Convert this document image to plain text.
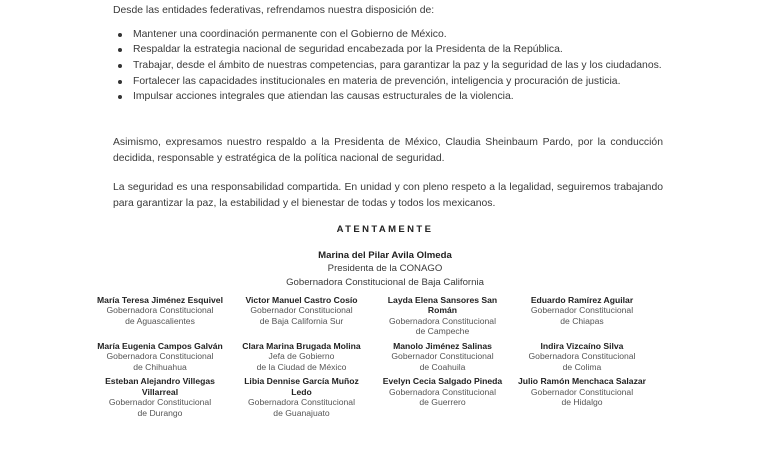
Desde las entidades federativas, refrendamos nuestra disposición de:
Mantener una coordinación permanente con el Gobierno de México.
Respaldar la estrategia nacional de seguridad encabezada por la Presidenta de la República.
Trabajar, desde el ámbito de nuestras competencias, para garantizar la paz y la seguridad de las y los ciudadanos.
Fortalecer las capacidades institucionales en materia de prevención, inteligencia y procuración de justicia.
Impulsar acciones integrales que atiendan las causas estructurales de la violencia.
Asimismo, expresamos nuestro respaldo a la Presidenta de México, Claudia Sheinbaum Pardo, por la conducción decidida, responsable y estratégica de la política nacional de seguridad.
La seguridad es una responsabilidad compartida. En unidad y con pleno respeto a la legalidad, seguiremos trabajando para garantizar la paz, la estabilidad y el bienestar de todas y todos los mexicanos.
ATENTAMENTE
Marina del Pilar Avila Olmeda
Presidenta de la CONAGO
Gobernadora Constitucional de Baja California
María Teresa Jiménez Esquivel
Gobernadora Constitucional
de Aguascalientes
Victor Manuel Castro Cosío
Gobernador Constitucional
de Baja California Sur
Layda Elena Sansores San Román
Gobernadora Constitucional
de Campeche
Eduardo Ramírez Aguilar
Gobernador Constitucional
de Chiapas
María Eugenia Campos Galván
Gobernadora Constitucional
de Chihuahua
Clara Marina Brugada Molina
Jefa de Gobierno
de la Ciudad de México
Manolo Jiménez Salinas
Gobernador Constitucional
de Coahuila
Indira Vizcaíno Silva
Gobernadora Constitucional
de Colima
Esteban Alejandro Villegas Villarreal
Gobernador Constitucional
de Durango
Libia Dennise García Muñoz Ledo
Gobernadora Constitucional
de Guanajuato
Evelyn Cecia Salgado Pineda
Gobernadora Constitucional
de Guerrero
Julio Ramón Menchaca Salazar
Gobernador Constitucional
de Hidalgo
